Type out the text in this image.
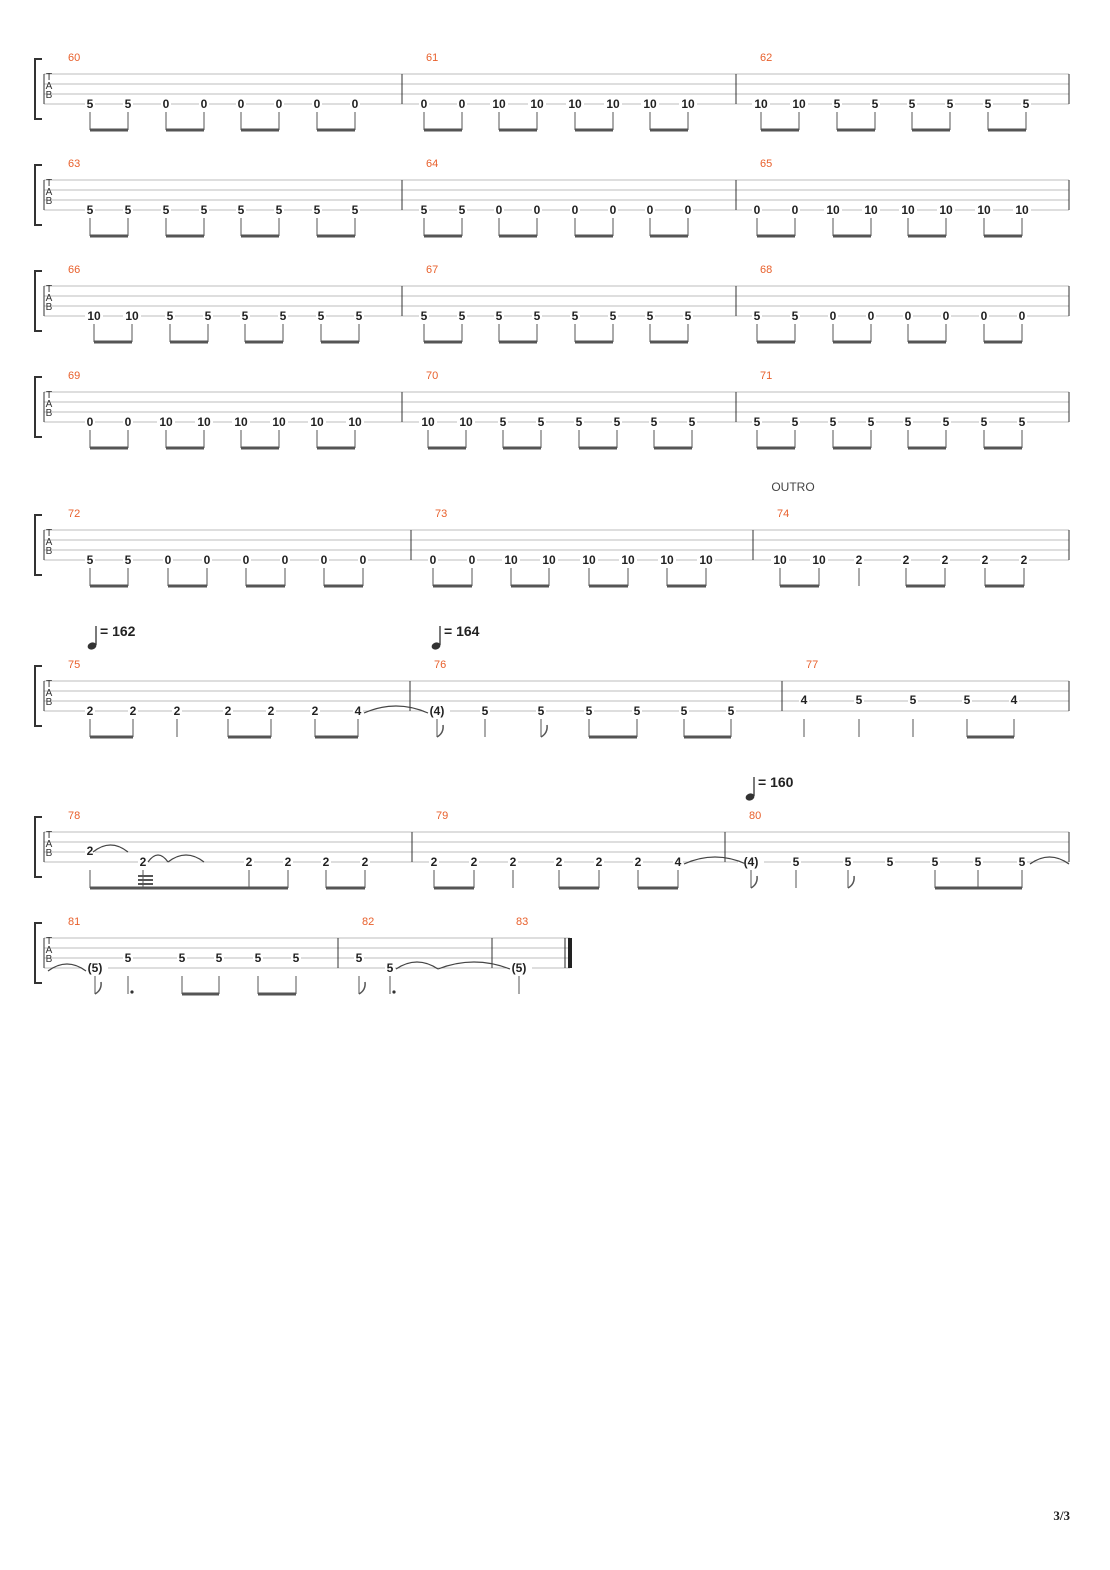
T
A
B
60
5	5	0	0	0	0	0	0
61
0	0 10 10 10 10 10 10
62
10 10 5	5	5	5	5	5
T
A
B
63
5	5	5	5	5	5	5	5
64
5	5	0	0	0	0	0	0
65
0	0 10 10 10 10 10 10
T
A
B
66
10 10 5	5	5	5	5	5
67
5	5	5	5	5	5	5	5
68
5	5	0	0	0	0	0	0
T
A
B
69
0	0 10 10 10 10 10 10
70
10 10 5	5	5	5	5	5
71
5	5	5	5	5	5	5	5
T
A
B
72
5	5	0	0	0	0	0	0
73
0	0 10 10 10 10 10 10
74
10 10 2	2	2	2	2
T
A
B
75
2	2	2	2	2	2	4
76
(4)	5	5	5	5	5	5
77
4	5	5	5	4
T
A
B
78
2
2	2	2	2	2
79
2	2	2	2	2	2	4
80
(4)	5	5	5	5	5	5
T
A
B
81
(5)
5	5	5	5	5
82
5
5
83
(5)
OUTRO
= 162	= 164
= 160
3/3
